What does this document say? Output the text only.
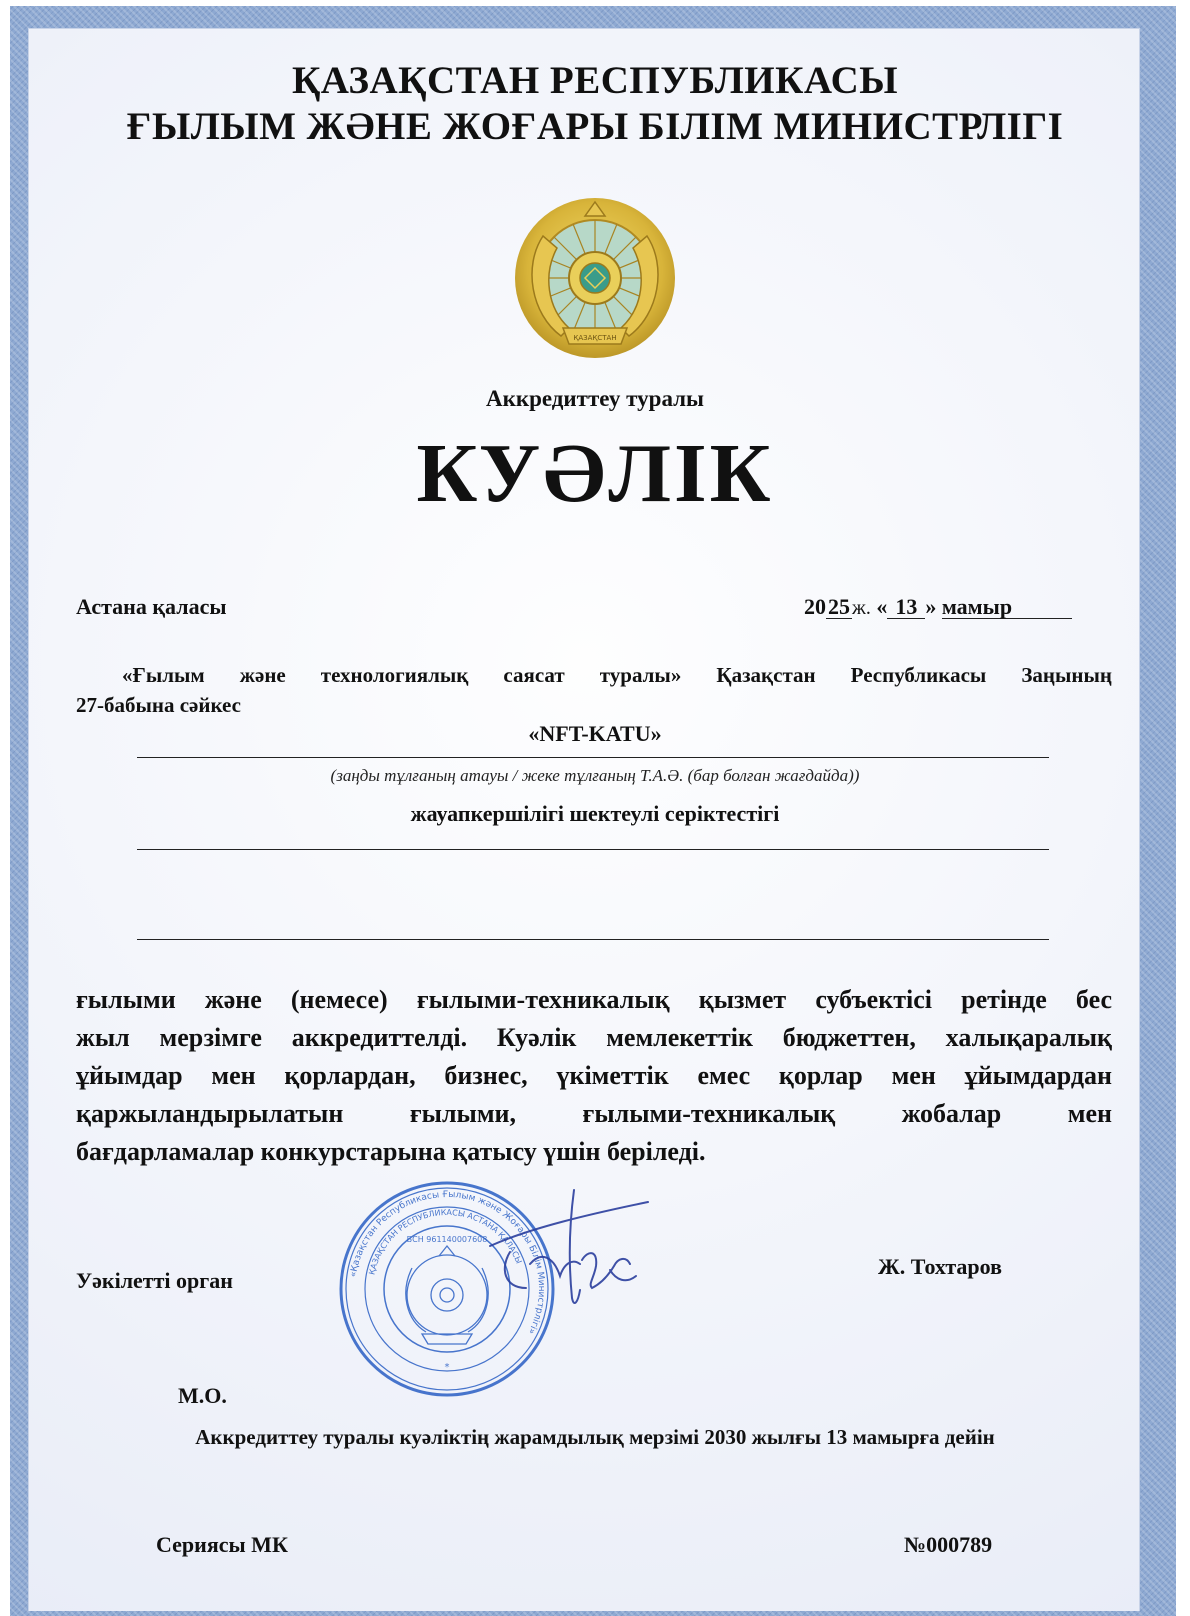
ҚАЗАҚСТАН РЕСПУБЛИКАСЫ
ҒЫЛЫМ ЖӘНЕ ЖОҒАРЫ БІЛІМ МИНИСТРЛІГІ
ҚАЗАҚСТАН
Аккредиттеу туралы
КУӘЛІК
Астана қаласы	2025 ж. « 13 » мамыр
«Ғылым және технологиялық саясат туралы» Қазақстан Республикасы Заңының
27-бабына сәйкес
«NFT-KATU»
(заңды тұлғаның атауы / жеке тұлғаның Т.А.Ә. (бар болған жағдайда))
жауапкершілігі шектеулі серіктестігі
ғылыми және (немесе) ғылыми-техникалық қызмет субъектісі ретінде бес
жыл мерзімге аккредиттелді. Куәлік мемлекеттік бюджеттен, халықаралық
ұйымдар мен қорлардан, бизнес, үкіметтік емес қорлар мен ұйымдардан
қаржыландырылатын ғылыми, ғылыми-техникалық жобалар мен
бағдарламалар конкурстарына қатысу үшін беріледі.
Уәкілетті орган
Ж. Тохтаров
М.О.
«Қазақстан Республикасы Ғылым және Жоғары Білім Министрлігі»
ҚАЗАҚСТАН РЕСПУБЛИКАСЫ АСТАНА ҚАЛАСЫ
БСН 961140007608
*
Аккредиттеу туралы куәліктің жарамдылық мерзімі 2030 жылғы 13 мамырға дейін
Сериясы МК	№000789
